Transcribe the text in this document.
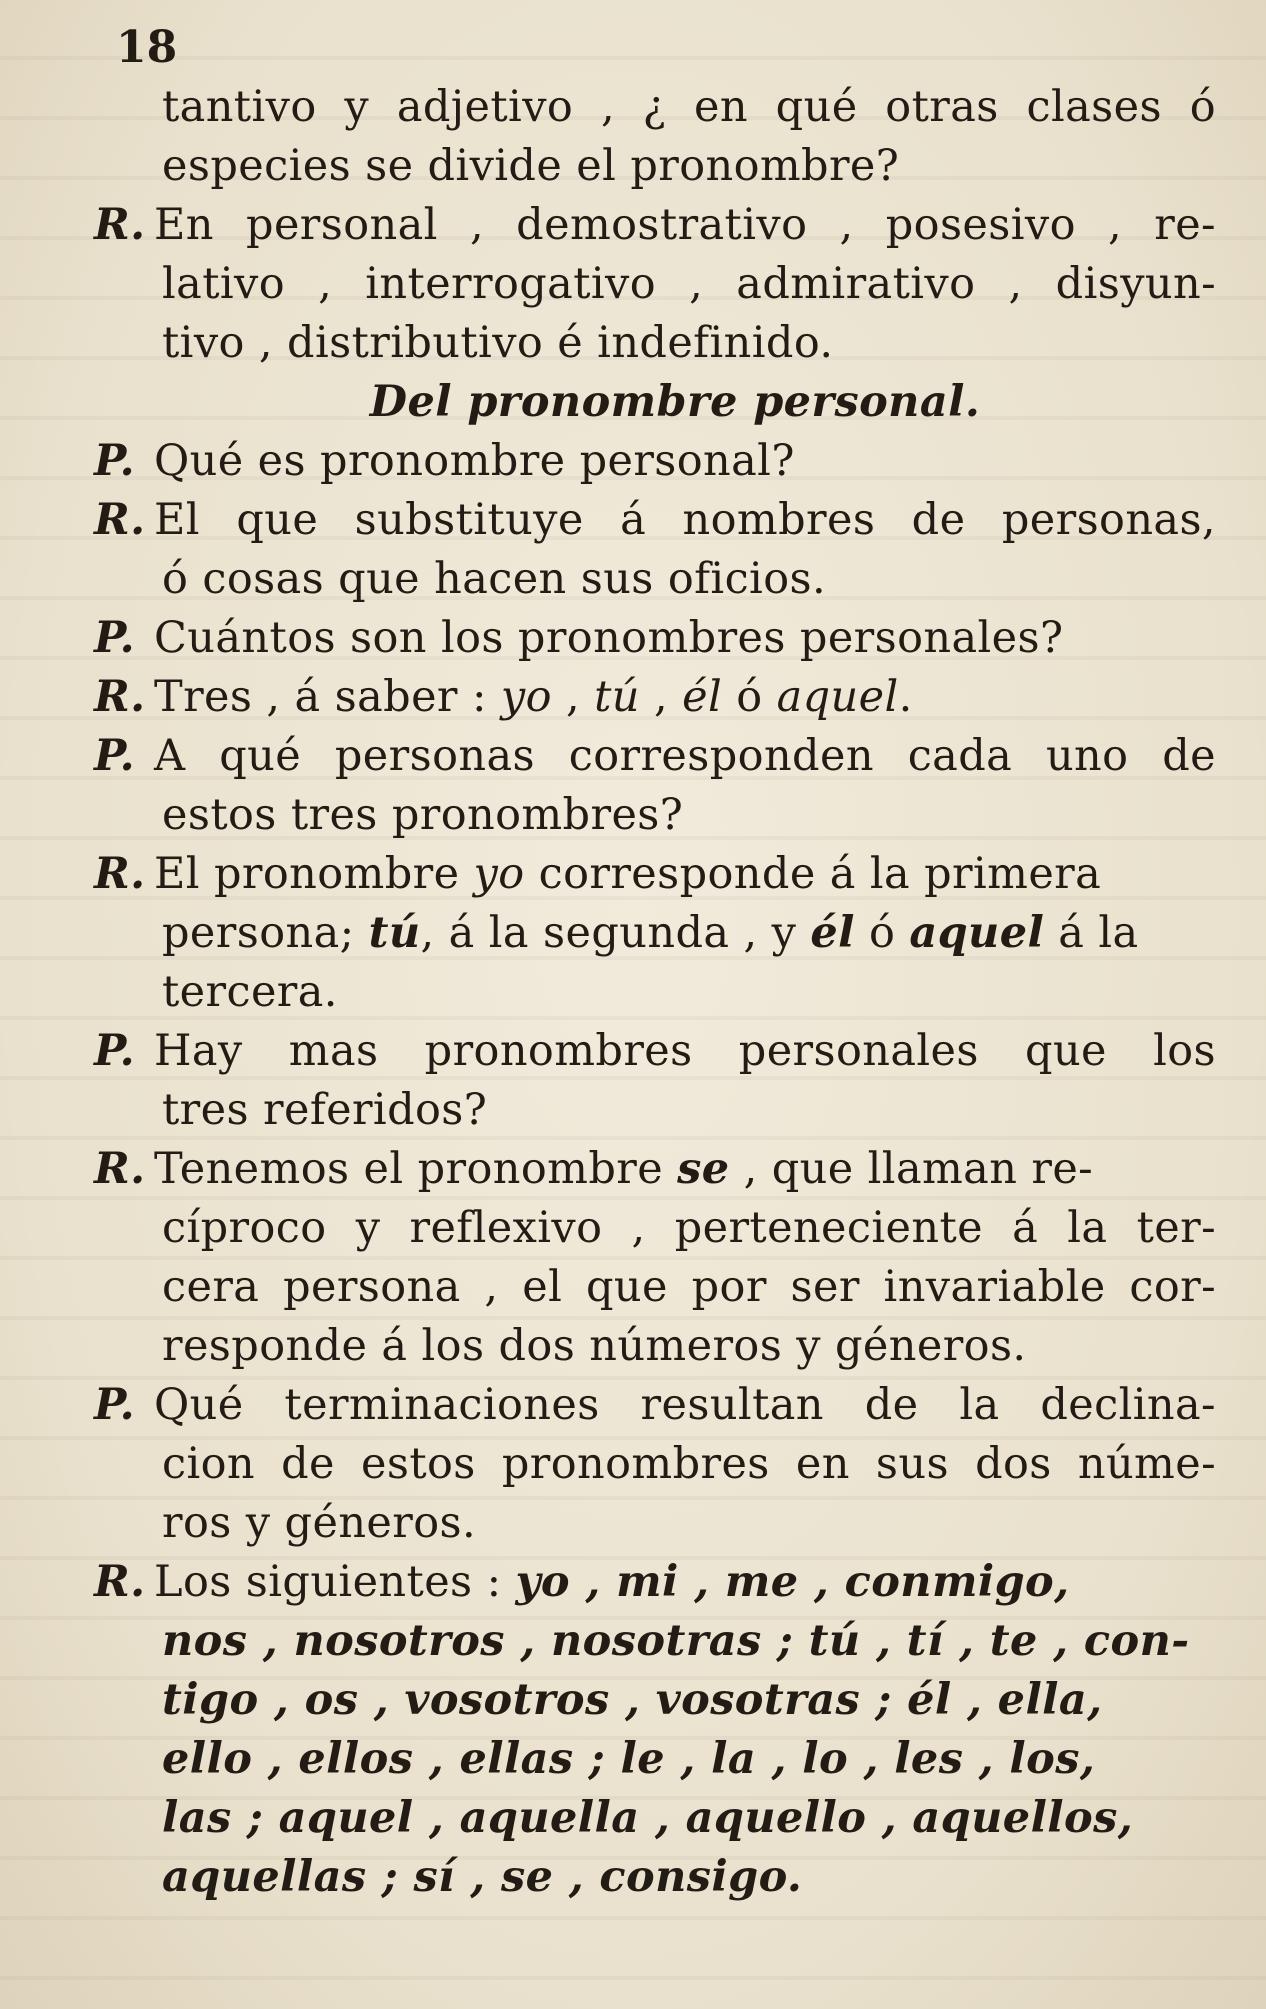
18
tantivo y adjetivo , ¿ en qué otras clases ó
especies se divide el pronombre?
R. En personal , demostrativo , posesivo , re-
lativo , interrogativo , admirativo , disyun-
tivo , distributivo é indefinido.
Del pronombre personal.
P. Qué es pronombre personal?
R. El que substituye á nombres de personas,
ó cosas que hacen sus oficios.
P. Cuántos son los pronombres personales?
R. Tres , á saber : yo , tú , él ó aquel.
P. A qué personas corresponden cada uno de
estos tres pronombres?
R. El pronombre yo corresponde á la primera
persona; tú, á la segunda , y él ó aquel á la
tercera.
P. Hay mas pronombres personales que los
tres referidos?
R. Tenemos el pronombre se , que llaman re-
cíproco y reflexivo , perteneciente á la ter-
cera persona , el que por ser invariable cor-
responde á los dos números y géneros.
P. Qué terminaciones resultan de la declina-
cion de estos pronombres en sus dos núme-
ros y géneros.
R. Los siguientes : yo , mi , me , conmigo,
nos , nosotros , nosotras ; tú , tí , te , con-
tigo , os , vosotros , vosotras ; él , ella,
ello , ellos , ellas ; le , la , lo , les , los,
las ; aquel , aquella , aquello , aquellos,
aquellas ; sí , se , consigo.
